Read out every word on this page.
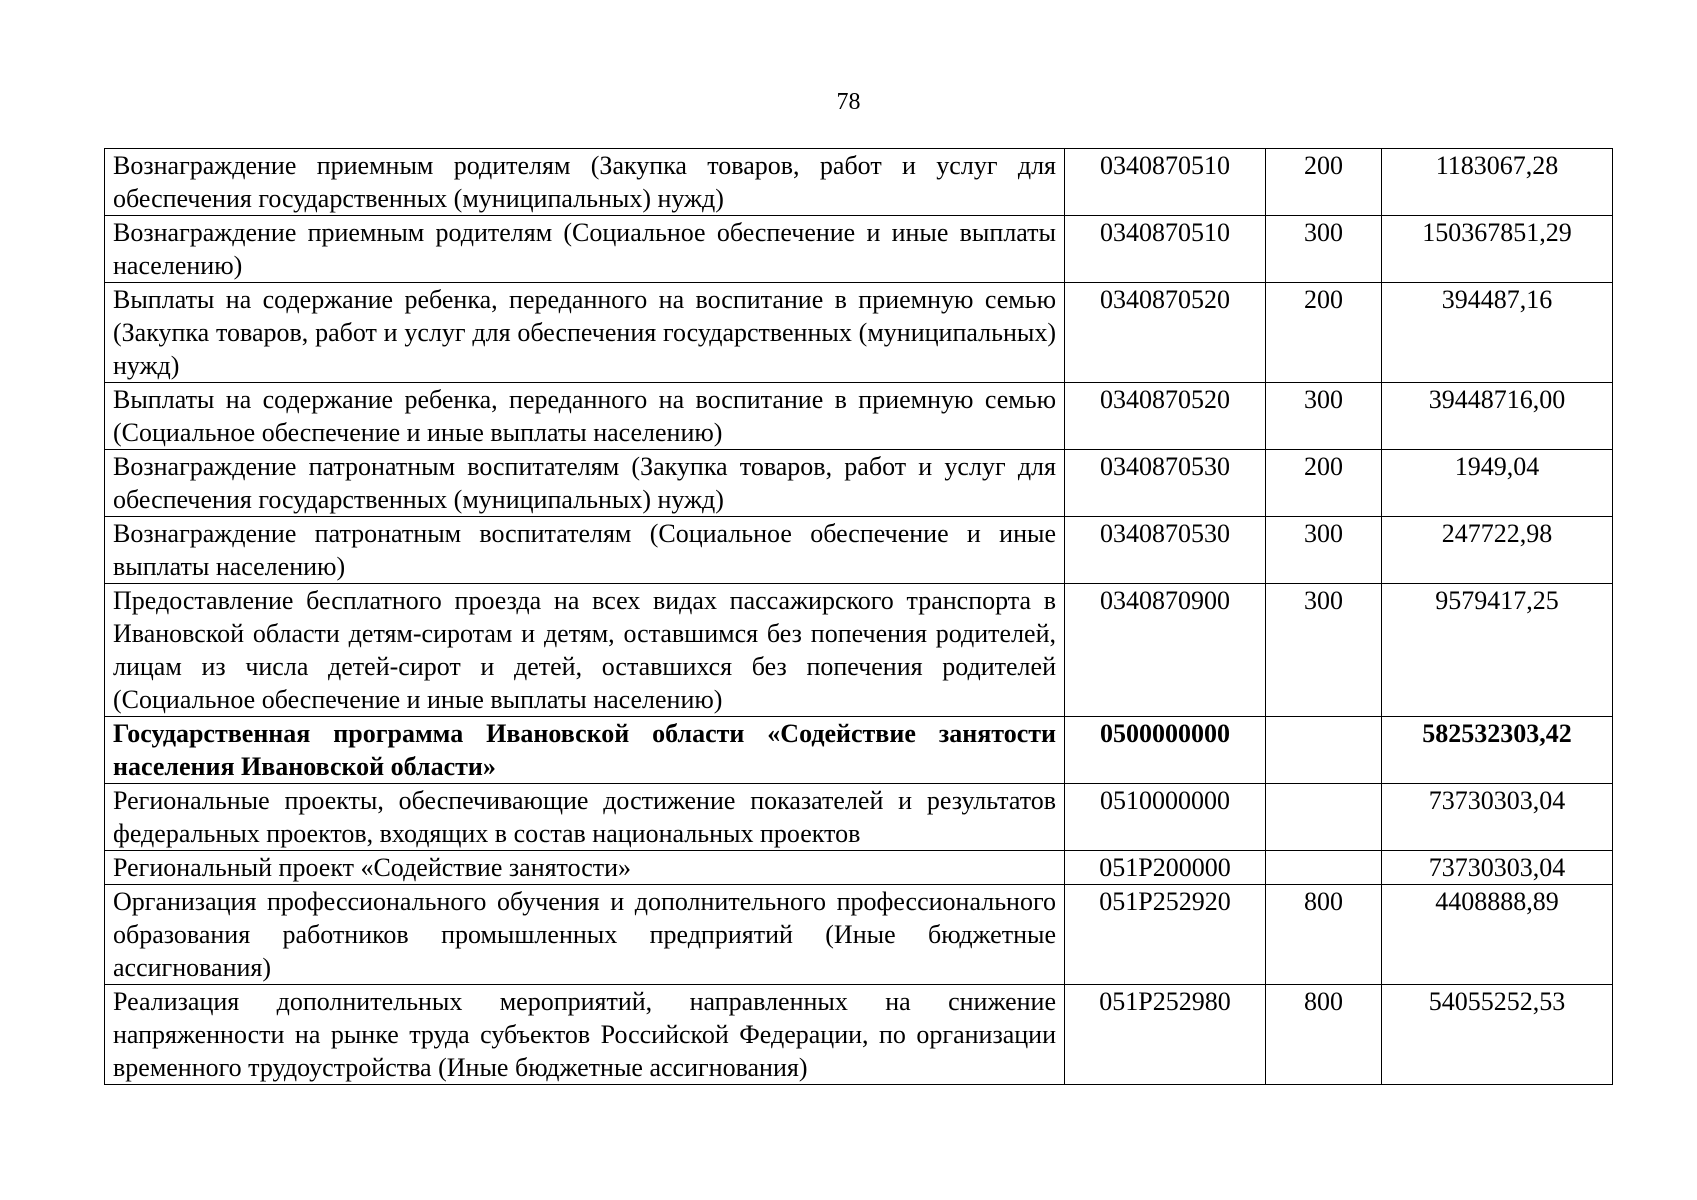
78
Вознаграждение приемным родителям (Закупка товаров, работ и услуг для обеспечения государственных (муниципальных) нужд)	0340870510	200	1183067,28
Вознаграждение приемным родителям (Социальное обеспечение и иные выплаты населению)	0340870510	300	150367851,29
Выплаты на содержание ребенка, переданного на воспитание в приемную семью (Закупка товаров, работ и услуг для обеспечения государственных (муниципальных) нужд)	0340870520	200	394487,16
Выплаты на содержание ребенка, переданного на воспитание в приемную семью (Социальное обеспечение и иные выплаты населению)	0340870520	300	39448716,00
Вознаграждение патронатным воспитателям (Закупка товаров, работ и услуг для обеспечения государственных (муниципальных) нужд)	0340870530	200	1949,04
Вознаграждение патронатным воспитателям (Социальное обеспечение и иные выплаты населению)	0340870530	300	247722,98
Предоставление бесплатного проезда на всех видах пассажирского транспорта в Ивановской области детям-сиротам и детям, оставшимся без попечения родителей, лицам из числа детей-сирот и детей, оставшихся без попечения родителей (Социальное обеспечение и иные выплаты населению)	0340870900	300	9579417,25
Государственная программа Ивановской области «Содействие занятости населения Ивановской области»	0500000000		582532303,42
Региональные проекты, обеспечивающие достижение показателей и результатов федеральных проектов, входящих в состав национальных проектов	0510000000		73730303,04
Региональный проект «Содействие занятости»	051P200000		73730303,04
Организация профессионального обучения и дополнительного профессионального образования работников промышленных предприятий (Иные бюджетные ассигнования)	051P252920	800	4408888,89
Реализация дополнительных мероприятий, направленных на снижение напряженности на рынке труда субъектов Российской Федерации, по организации временного трудоустройства (Иные бюджетные ассигнования)	051P252980	800	54055252,53
